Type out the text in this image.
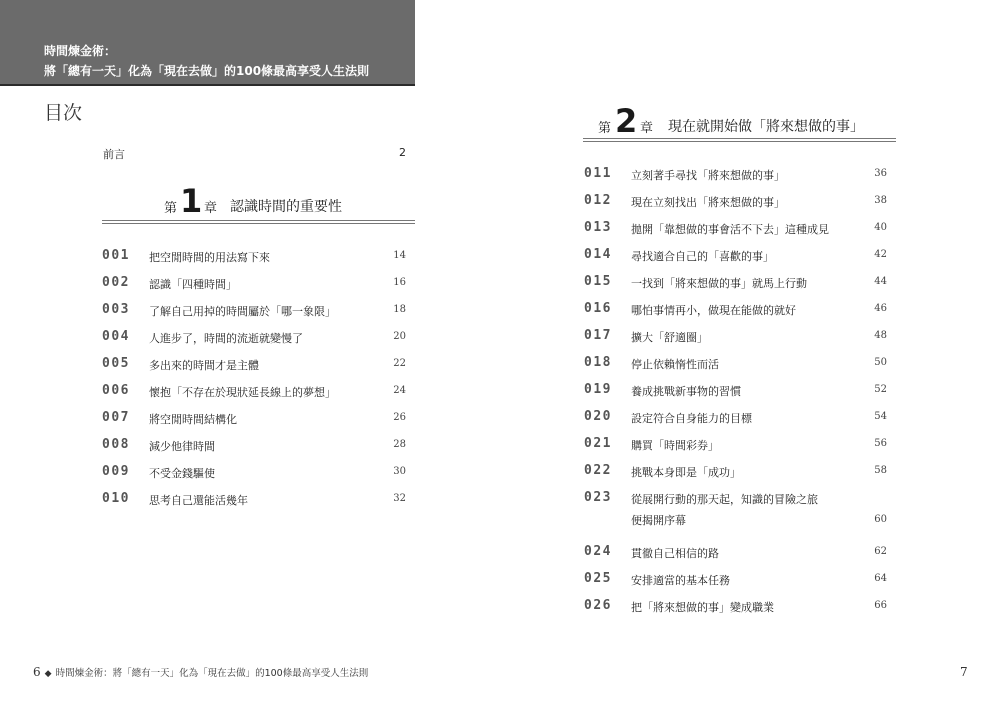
時間煉金術：
將「總有一天」化為「現在去做」的100條最高享受人生法則
目次
前言	2
第 1 章 認識時間的重要性
001 把空閒時間的用法寫下來	14
002 認識「四種時間」	16
003 了解自己用掉的時間屬於「哪一象限」	18
004 人進步了，時間的流逝就變慢了	20
005 多出來的時間才是主體	22
006 懷抱「不存在於現狀延長線上的夢想」	24
007 將空閒時間結構化	26
008 減少他律時間	28
009 不受金錢驅使	30
010 思考自己還能活幾年	32
第 2 章 現在就開始做「將來想做的事」
011 立刻著手尋找「將來想做的事」	36
012 現在立刻找出「將來想做的事」	38
013 拋開「靠想做的事會活不下去」這種成見	40
014 尋找適合自己的「喜歡的事」	42
015 一找到「將來想做的事」就馬上行動	44
016 哪怕事情再小，做現在能做的就好	46
017 擴大「舒適圈」	48
018 停止依賴惰性而活	50
019 養成挑戰新事物的習慣	52
020 設定符合自身能力的目標	54
021 購買「時間彩券」	56
022 挑戰本身即是「成功」	58
023 從展開行動的那天起，知識的冒險之旅
便揭開序幕	60
024 貫徹自己相信的路	62
025 安排適當的基本任務	64
026 把「將來想做的事」變成職業	66
6 ◆ 時間煉金術：將「總有一天」化為「現在去做」的100條最高享受人生法則	7
